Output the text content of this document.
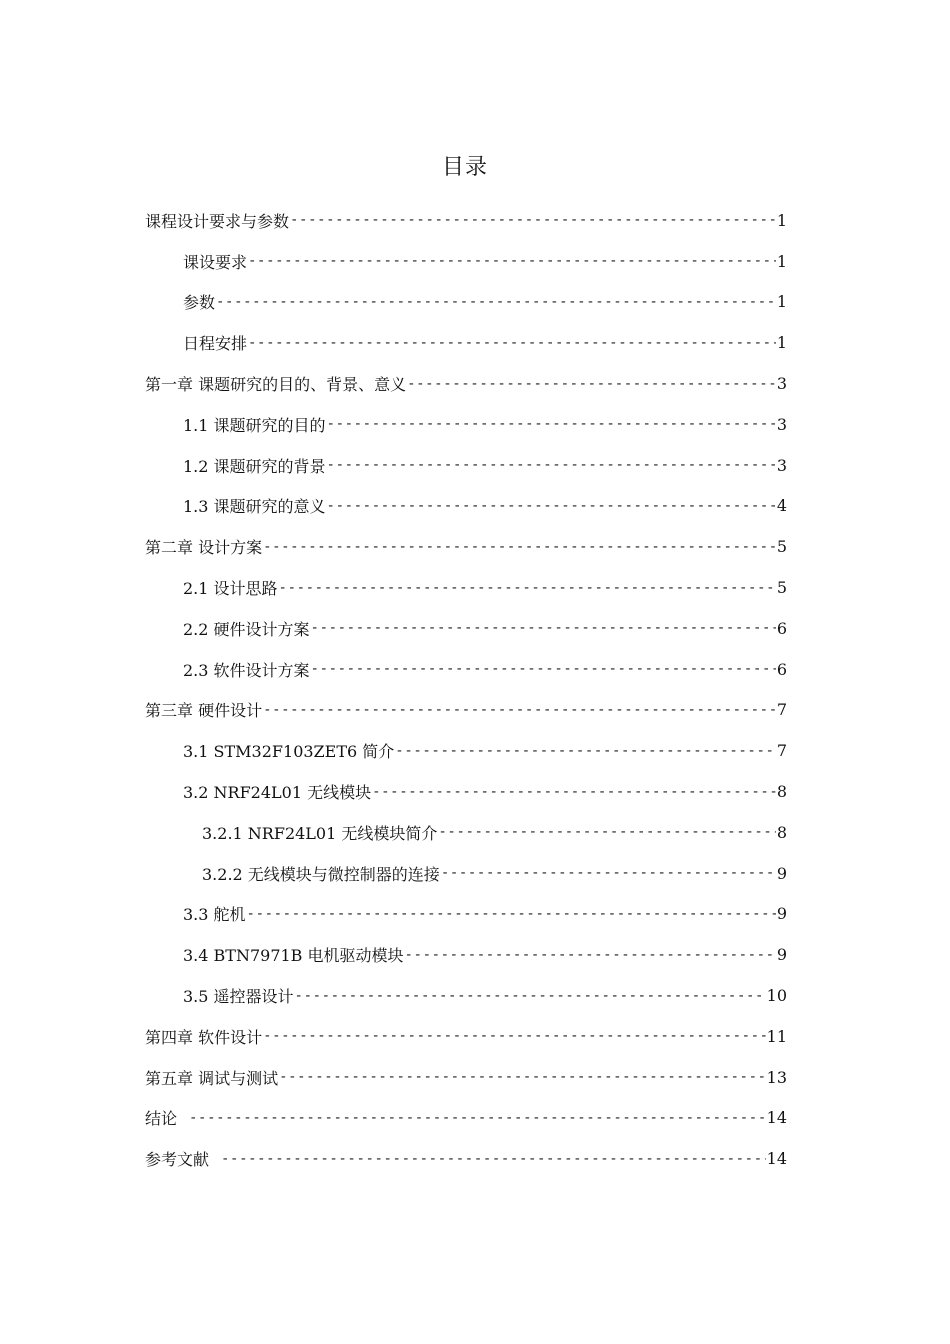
目录
课程设计要求与参数 -----	1
课设要求 -----	1
参数 -----	1
日程安排 -----	1
第一章 课题研究的目的、背景、意义 -----	3
1.1 课题研究的目的 -----	3
1.2 课题研究的背景 -----	3
1.3 课题研究的意义 -----	4
第二章 设计方案 -----	5
2.1 设计思路 -----	5
2.2 硬件设计方案 -----	6
2.3 软件设计方案 -----	6
第三章 硬件设计 -----	7
3.1 STM32F103ZET6 简介 -----	7
3.2 NRF24L01 无线模块 -----	8
3.2.1 NRF24L01 无线模块简介 -----	8
3.2.2 无线模块与微控制器的连接 -----	9
3.3 舵机 -----	9
3.4 BTN7971B 电机驱动模块 -----	9
3.5 遥控器设计 -----	10
第四章 软件设计 -----	11
第五章 调试与测试 -----	13
结论 -----	14
参考文献 -----	14
